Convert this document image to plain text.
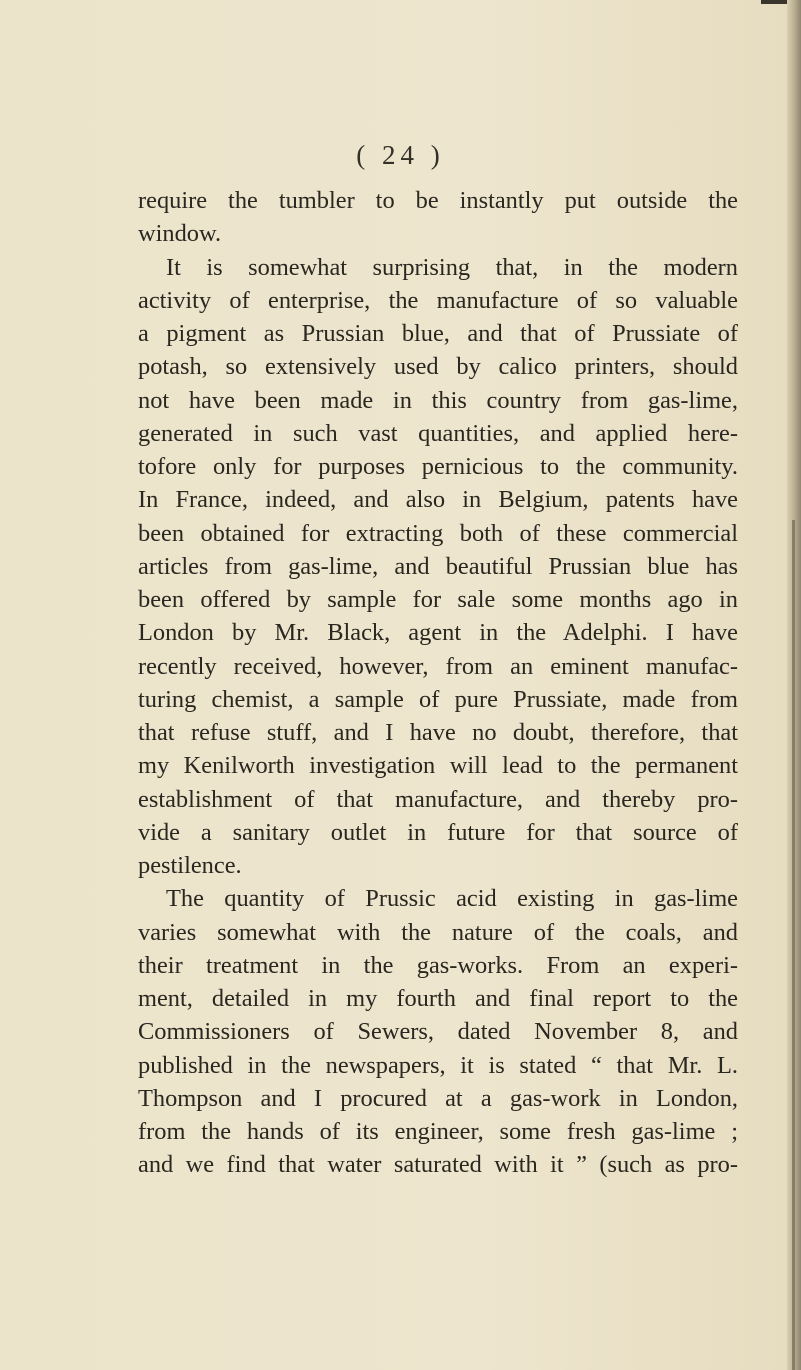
( 24 )
require the tumbler to be instantly put outside the
window.
It is somewhat surprising that, in the modern
activity of enterprise, the manufacture of so valuable
a pigment as Prussian blue, and that of Prussiate of
potash, so extensively used by calico printers, should
not have been made in this country from gas-lime,
generated in such vast quantities, and applied here-
tofore only for purposes pernicious to the community.
In France, indeed, and also in Belgium, patents have
been obtained for extracting both of these commercial
articles from gas-lime, and beautiful Prussian blue has
been offered by sample for sale some months ago in
London by Mr. Black, agent in the Adelphi. I have
recently received, however, from an eminent manufac-
turing chemist, a sample of pure Prussiate, made from
that refuse stuff, and I have no doubt, therefore, that
my Kenilworth investigation will lead to the permanent
establishment of that manufacture, and thereby pro-
vide a sanitary outlet in future for that source of
pestilence.
The quantity of Prussic acid existing in gas-lime
varies somewhat with the nature of the coals, and
their treatment in the gas-works. From an experi-
ment, detailed in my fourth and final report to the
Commissioners of Sewers, dated November 8, and
published in the newspapers, it is stated “ that Mr. L.
Thompson and I procured at a gas-work in London,
from the hands of its engineer, some fresh gas-lime ;
and we find that water saturated with it ” (such as pro-
